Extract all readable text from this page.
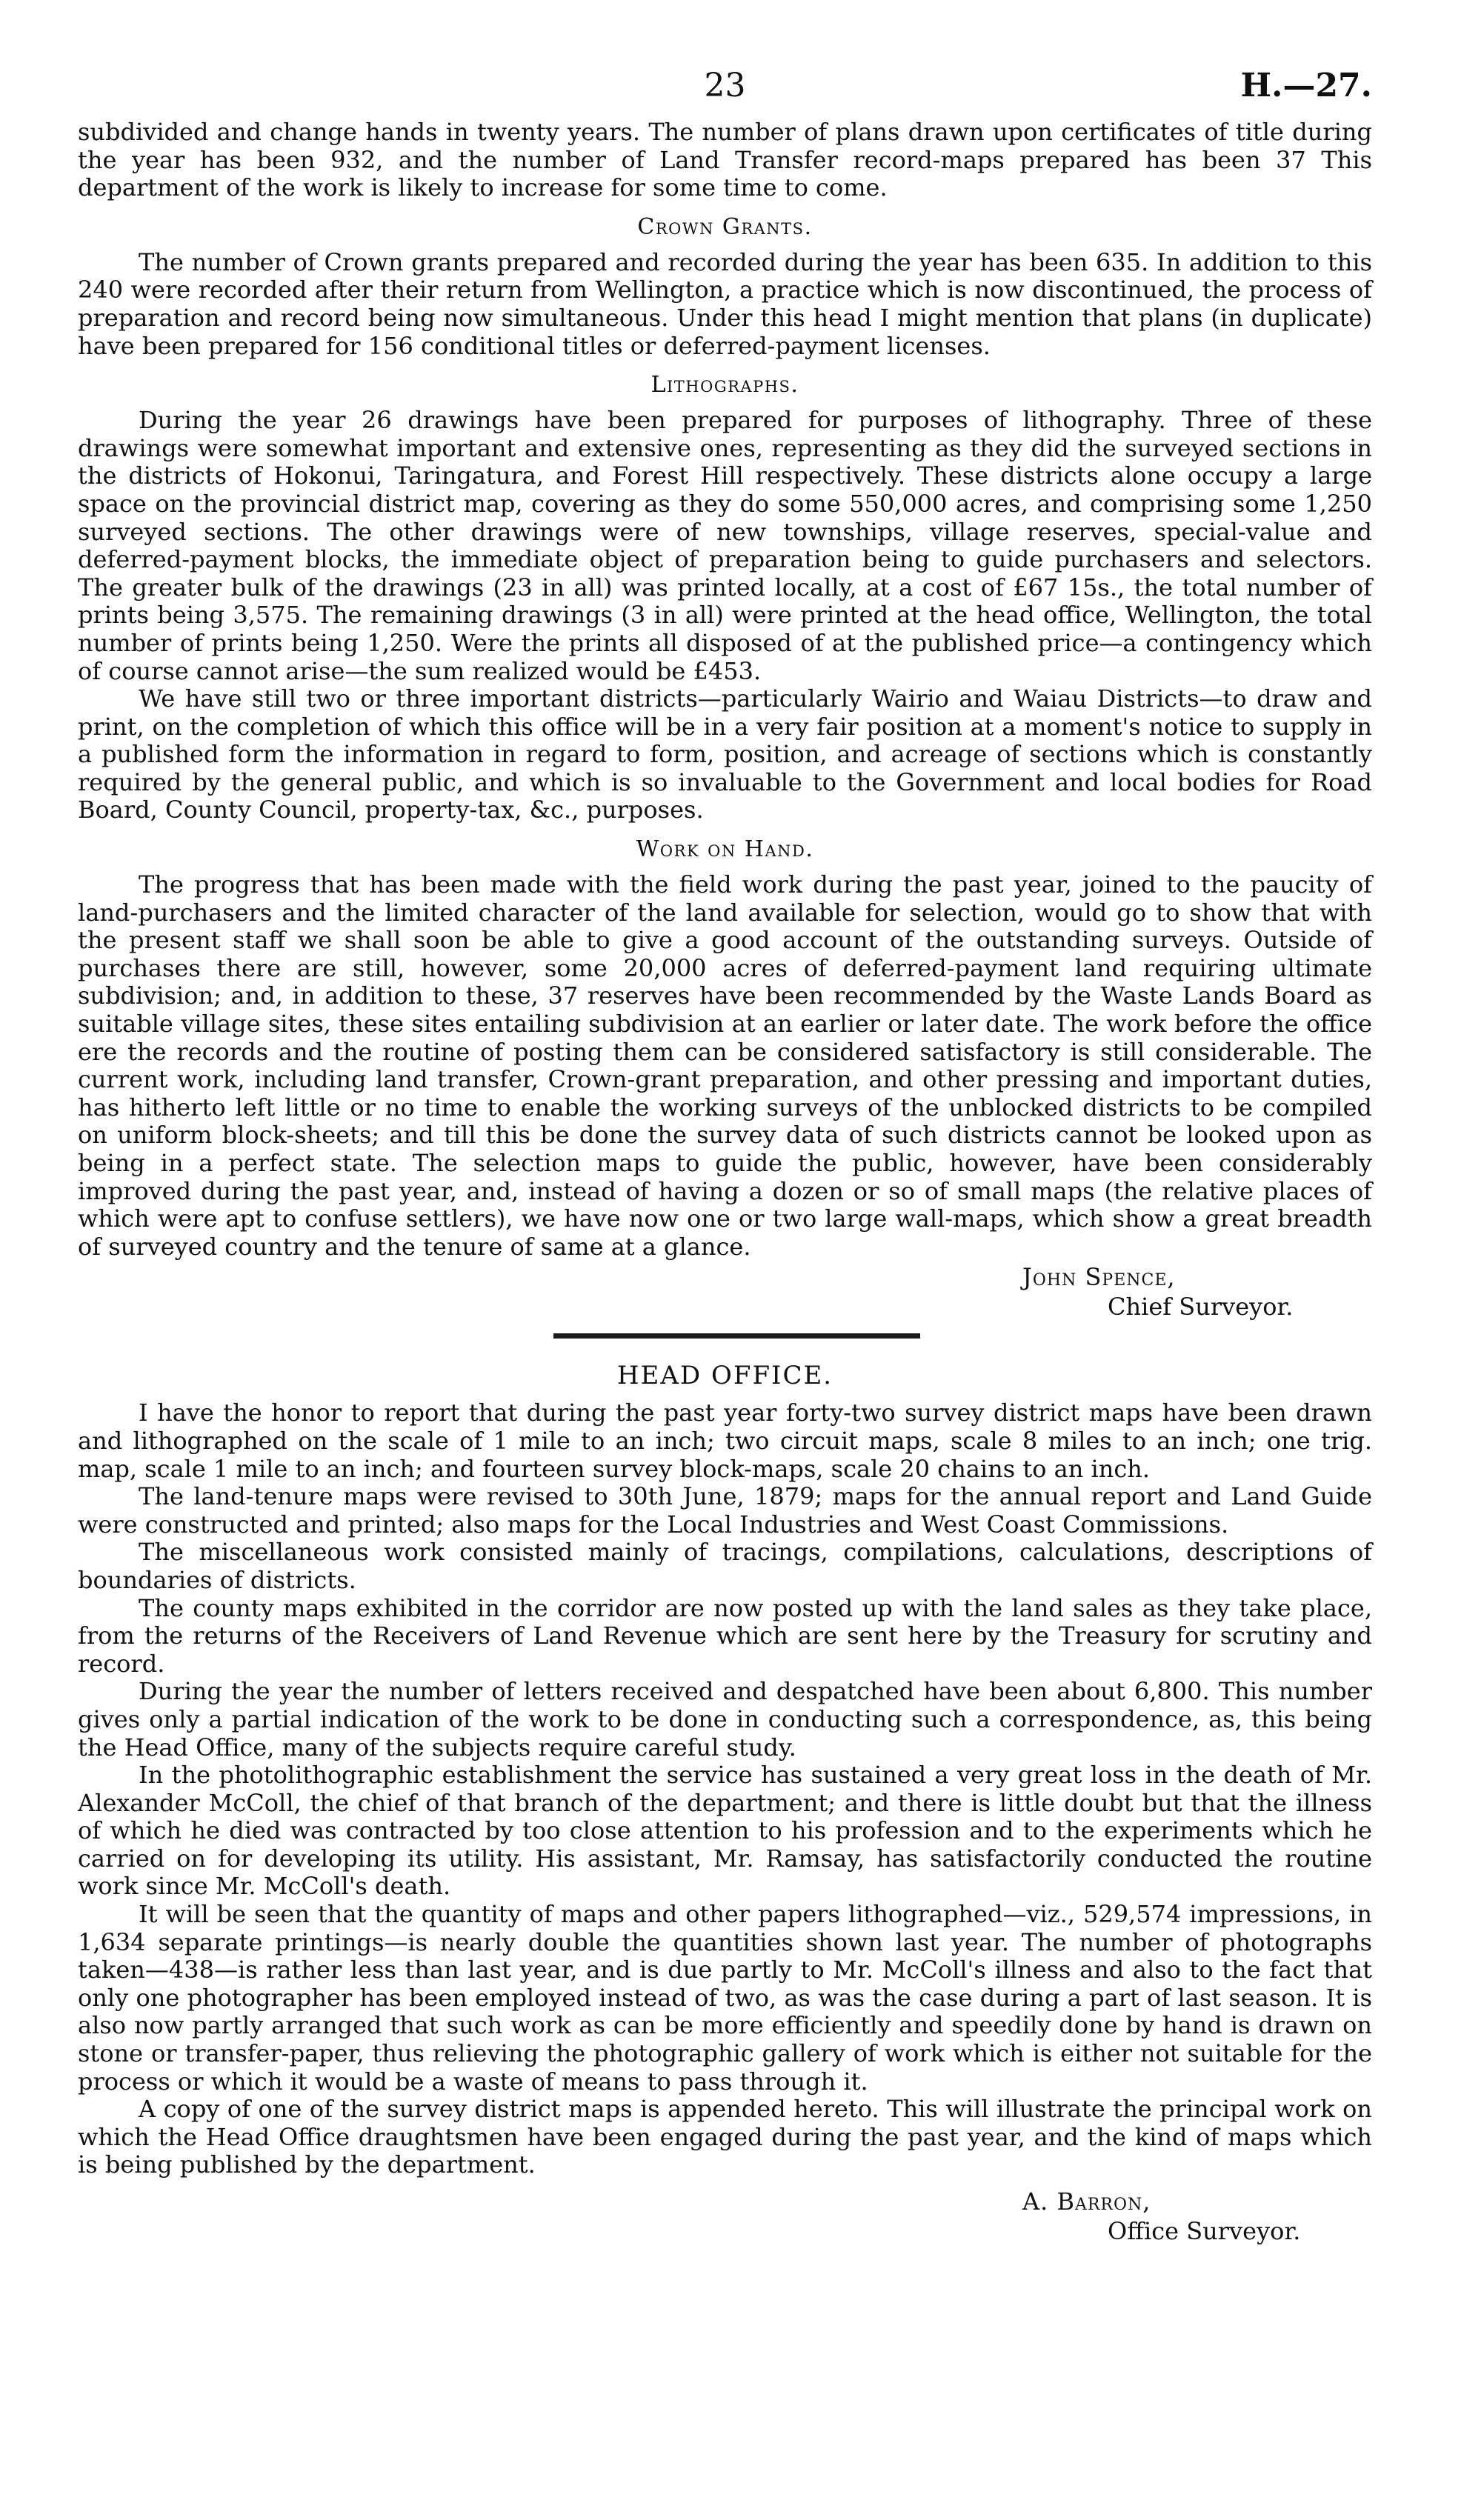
23	H.—27.

subdivided and change hands in twenty years. The number of plans drawn upon certificates of title during the year has been 932, and the number of Land Transfer record-maps prepared has been 37 This department of the work is likely to increase for some time to come.

Crown Grants.

The number of Crown grants prepared and recorded during the year has been 635. In addition to this 240 were recorded after their return from Wellington, a practice which is now discontinued, the process of preparation and record being now simultaneous. Under this head I might mention that plans (in duplicate) have been prepared for 156 conditional titles or deferred-payment licenses.

Lithographs.

During the year 26 drawings have been prepared for purposes of lithography. Three of these drawings were somewhat important and extensive ones, representing as they did the surveyed sections in the districts of Hokonui, Taringatura, and Forest Hill respectively. These districts alone occupy a large space on the provincial district map, covering as they do some 550,000 acres, and comprising some 1,250 surveyed sections. The other drawings were of new townships, village reserves, special-value and deferred-payment blocks, the immediate object of preparation being to guide purchasers and selectors. The greater bulk of the drawings (23 in all) was printed locally, at a cost of £67 15s., the total number of prints being 3,575. The remaining drawings (3 in all) were printed at the head office, Wellington, the total number of prints being 1,250. Were the prints all disposed of at the published price—a contingency which of course cannot arise—the sum realized would be £453.

We have still two or three important districts—particularly Wairio and Waiau Districts—to draw and print, on the completion of which this office will be in a very fair position at a moment's notice to supply in a published form the information in regard to form, position, and acreage of sections which is constantly required by the general public, and which is so invaluable to the Government and local bodies for Road Board, County Council, property-tax, &c., purposes.

Work on Hand.

The progress that has been made with the field work during the past year, joined to the paucity of land-purchasers and the limited character of the land available for selection, would go to show that with the present staff we shall soon be able to give a good account of the outstanding surveys. Outside of purchases there are still, however, some 20,000 acres of deferred-payment land requiring ultimate subdivision; and, in addition to these, 37 reserves have been recommended by the Waste Lands Board as suitable village sites, these sites entailing subdivision at an earlier or later date. The work before the office ere the records and the routine of posting them can be considered satisfactory is still considerable. The current work, including land transfer, Crown-grant preparation, and other pressing and important duties, has hitherto left little or no time to enable the working surveys of the unblocked districts to be compiled on uniform block-sheets; and till this be done the survey data of such districts cannot be looked upon as being in a perfect state. The selection maps to guide the public, however, have been considerably improved during the past year, and, instead of having a dozen or so of small maps (the relative places of which were apt to confuse settlers), we have now one or two large wall-maps, which show a great breadth of surveyed country and the tenure of same at a glance.

John Spence,
Chief Surveyor.
HEAD OFFICE.

I have the honor to report that during the past year forty-two survey district maps have been drawn and lithographed on the scale of 1 mile to an inch; two circuit maps, scale 8 miles to an inch; one trig. map, scale 1 mile to an inch; and fourteen survey block-maps, scale 20 chains to an inch.

The land-tenure maps were revised to 30th June, 1879; maps for the annual report and Land Guide were constructed and printed; also maps for the Local Industries and West Coast Commissions.

The miscellaneous work consisted mainly of tracings, compilations, calculations, descriptions of boundaries of districts.

The county maps exhibited in the corridor are now posted up with the land sales as they take place, from the returns of the Receivers of Land Revenue which are sent here by the Treasury for scrutiny and record.

During the year the number of letters received and despatched have been about 6,800. This number gives only a partial indication of the work to be done in conducting such a correspondence, as, this being the Head Office, many of the subjects require careful study.

In the photolithographic establishment the service has sustained a very great loss in the death of Mr. Alexander McColl, the chief of that branch of the department; and there is little doubt but that the illness of which he died was contracted by too close attention to his profession and to the experiments which he carried on for developing its utility. His assistant, Mr. Ramsay, has satisfactorily conducted the routine work since Mr. McColl's death.

It will be seen that the quantity of maps and other papers lithographed—viz., 529,574 impressions, in 1,634 separate printings—is nearly double the quantities shown last year. The number of photographs taken—438—is rather less than last year, and is due partly to Mr. McColl's illness and also to the fact that only one photographer has been employed instead of two, as was the case during a part of last season. It is also now partly arranged that such work as can be more efficiently and speedily done by hand is drawn on stone or transfer-paper, thus relieving the photographic gallery of work which is either not suitable for the process or which it would be a waste of means to pass through it.

A copy of one of the survey district maps is appended hereto. This will illustrate the principal work on which the Head Office draughtsmen have been engaged during the past year, and the kind of maps which is being published by the department.

A. Barron,
Office Surveyor.
